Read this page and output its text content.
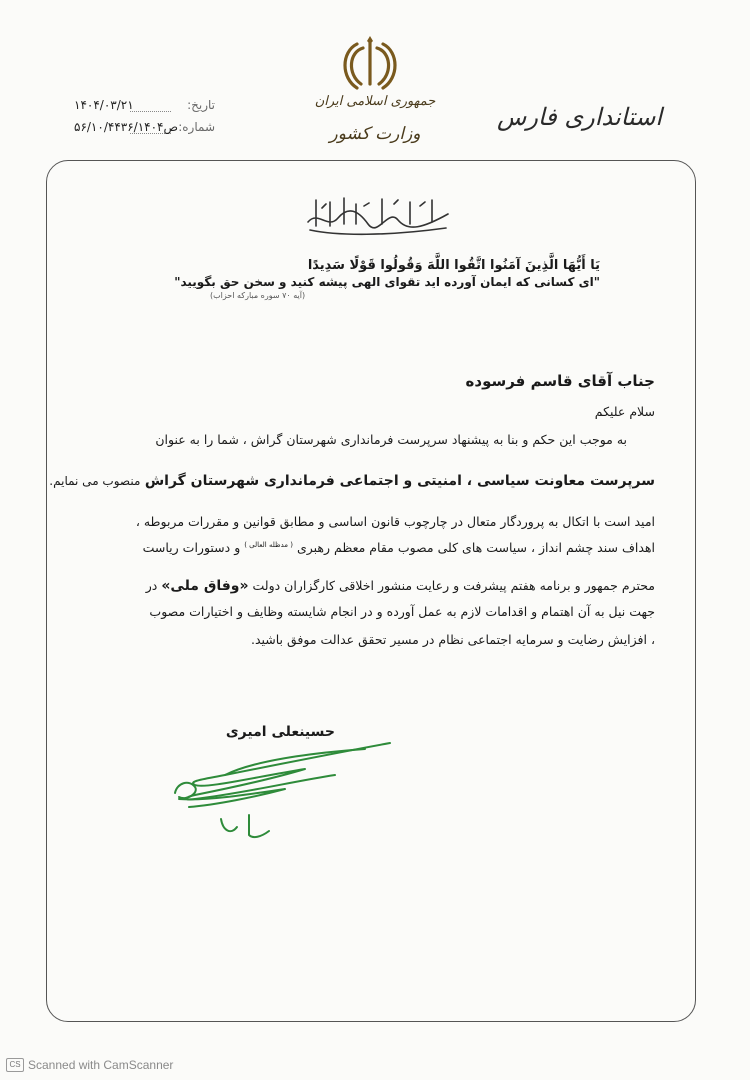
جمهوری اسلامی ایران
وزارت کشور
استانداری فارس
تاریخ:
۱۴۰۴/۰۳/۲۱
شماره:
۵۶/۱۰/۴۴۳۶/۱۴۰۴ص
یَا أَیُّهَا الَّذِینَ آمَنُوا اتَّقُوا اللَّهَ وَقُولُوا قَوْلًا سَدِیدًا
"ای کسانی که ایمان آورده اید تقوای الهی پیشه کنید و سخن حق بگویید"
(آیه ۷۰ سوره مبارکه احزاب)
جناب آقای قاسم فرسوده
سلام علیکم
به موجب این حکم و بنا به پیشنهاد سرپرست فرمانداری شهرستان گراش ، شما را به عنوان
سرپرست معاونت سیاسی ، امنیتی و اجتماعی فرمانداری شهرستان گراش منصوب می نمایم.
امید است با اتکال به پروردگار متعال در چارچوب قانون اساسی و مطابق قوانین و مقررات مربوطه ،
اهداف سند چشم انداز ، سیاست های کلی مصوب مقام معظم رهبری $^{( مدظله العالی )}$ و دستورات ریاست
محترم جمهور و برنامه هفتم پیشرفت و رعایت منشور اخلاقی کارگزاران دولت «وفاق ملی» در
جهت نیل به آن اهتمام و اقدامات لازم به عمل آورده و در انجام شایسته وظایف و اختیارات مصوب
، افزایش رضایت و سرمایه اجتماعی نظام در مسیر تحقق عدالت موفق باشید.
حسینعلی امیری
CS Scanned with CamScanner
